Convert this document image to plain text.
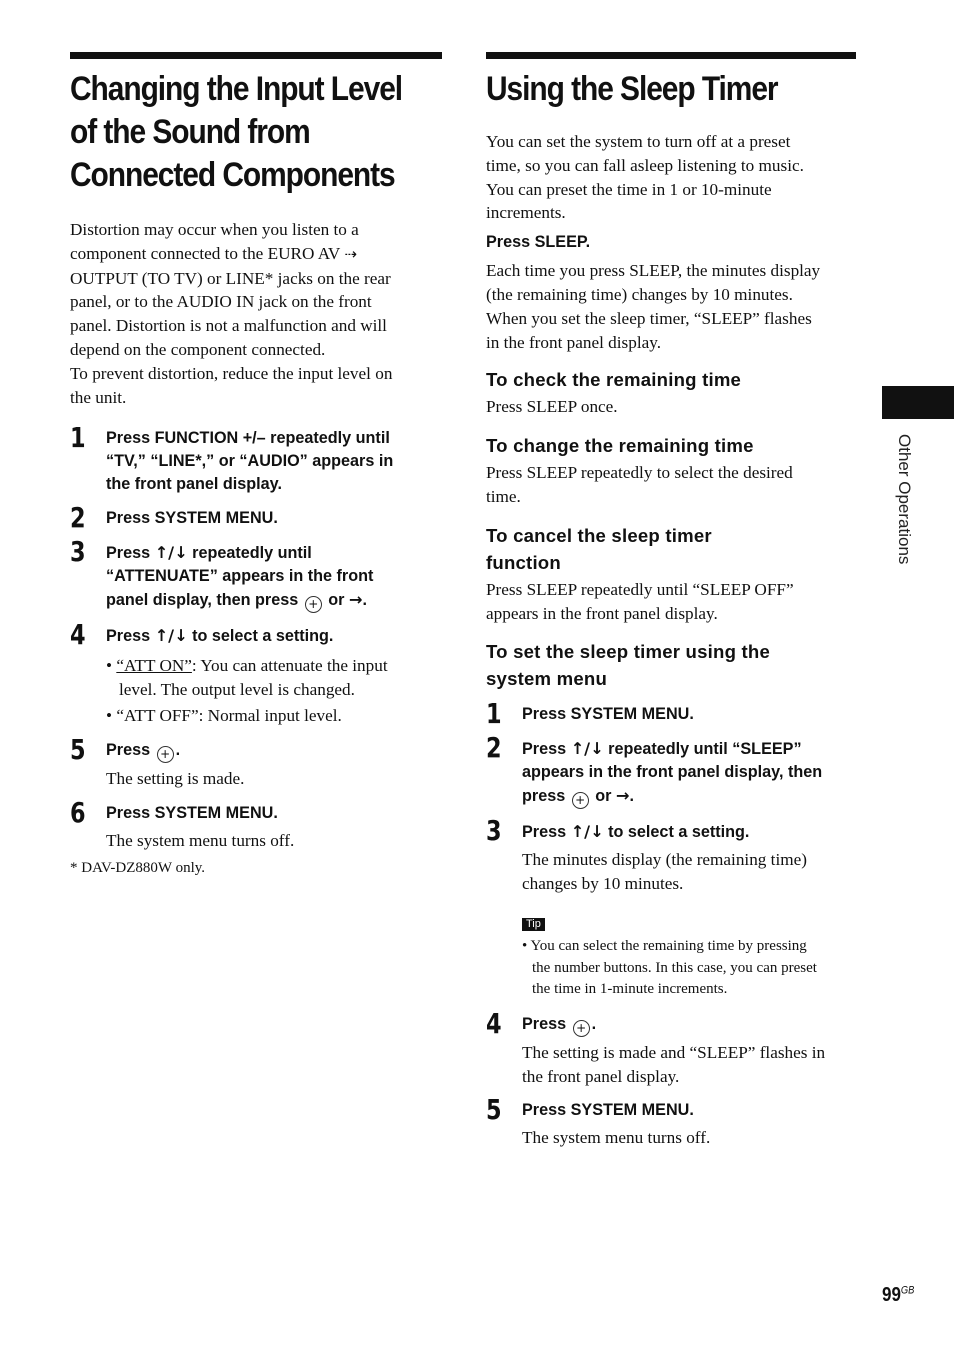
Changing the Input Level
of the Sound from
Connected Components

Distortion may occur when you listen to a

component connected to the EURO AV ⇢

OUTPUT (TO TV) or LINE* jacks on the rear

panel, or to the AUDIO IN jack on the front

panel. Distortion is not a malfunction and will

depend on the component connected.

To prevent distortion, reduce the input level on

the unit.

1 Press FUNCTION +/– repeatedly until
“TV,” “LINE*,” or “AUDIO” appears in
the front panel display.
2 Press SYSTEM MENU.
3 Press ↑/↓ repeatedly until
“ATTENUATE” appears in the front
panel display, then press + or →.
4 Press ↑/↓ to select a setting.
• “ATT ON”: You can attenuate the input
level. The output level is changed.
• “ATT OFF”: Normal input level.
5 Press + .
The setting is made.
6 Press SYSTEM MENU.
The system menu turns off.
* DAV-DZ880W only.
Using the Sleep Timer

You can set the system to turn off at a preset

time, so you can fall asleep listening to music.

You can preset the time in 1 or 10-minute

increments.

Press SLEEP.

Each time you press SLEEP, the minutes display

(the remaining time) changes by 10 minutes.

When you set the sleep timer, “SLEEP” flashes

in the front panel display.

To check the remaining time

Press SLEEP once.

To change the remaining time

Press SLEEP repeatedly to select the desired

time.

To cancel the sleep timer
function

Press SLEEP repeatedly until “SLEEP OFF”

appears in the front panel display.

To set the sleep timer using the
system menu
1 Press SYSTEM MENU.
2 Press ↑/↓ repeatedly until “SLEEP”
appears in the front panel display, then
press + or →.
3 Press ↑/↓ to select a setting.
The minutes display (the remaining time)
changes by 10 minutes.
Tip
• You can select the remaining time by pressing
the number buttons. In this case, you can preset
the time in 1-minute increments.
4 Press + .
The setting is made and “SLEEP” flashes in
the front panel display.
5 Press SYSTEM MENU.
The system menu turns off.
Other Operations
$99^{GB}$
